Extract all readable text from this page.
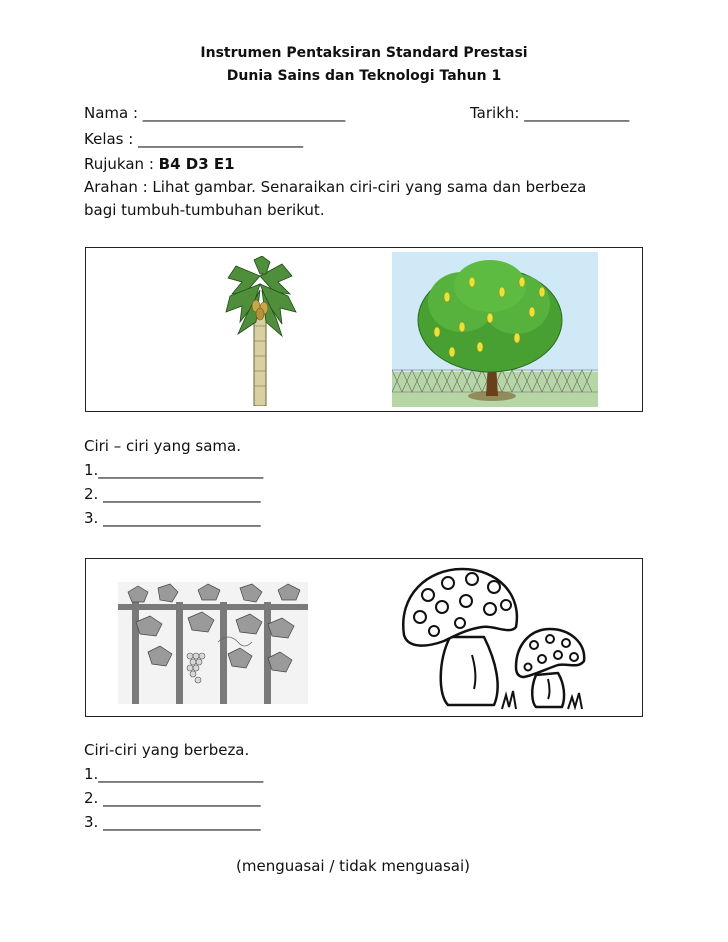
Instrumen Pentaksiran Standard Prestasi
Dunia Sains dan Teknologi Tahun 1
Nama : ___________________________	Tarikh: ______________
Kelas : ______________________
Rujukan : B4 D3 E1
Arahan : Lihat gambar. Senaraikan ciri-ciri yang sama dan berbeza
bagi tumbuh-tumbuhan berikut.
Ciri – ciri yang sama.
1.______________________
2. _____________________
3. _____________________
Ciri-ciri yang berbeza.
1.______________________
2. _____________________
3. _____________________
(menguasai / tidak menguasai)
